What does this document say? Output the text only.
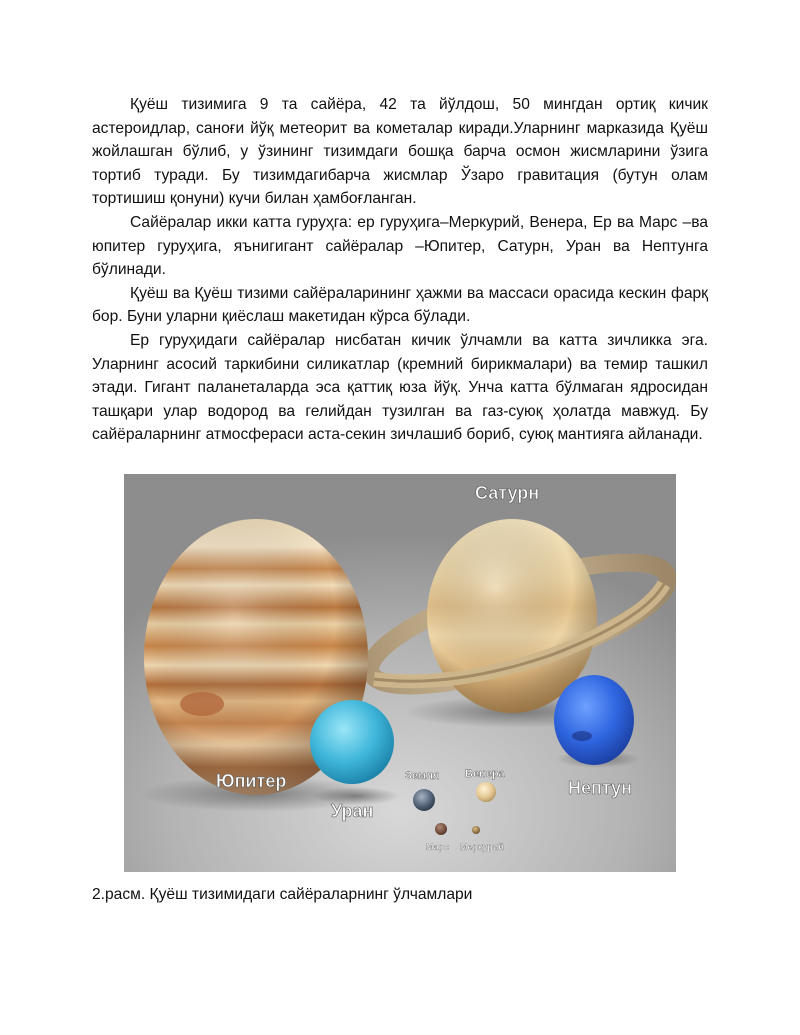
Қуёш тизимига 9 та сайёра, 42 та йўлдош, 50 мингдан ортиқ кичик астероидлар, саноғи йўқ метеорит ва кометалар киради.Уларнинг марказида Қуёш жойлашган бўлиб, у ўзининг тизимдаги бошқа барча осмон жисмларини ўзига тортиб туради. Бу тизимдагибарча жисмлар Ўзаро гравитация (бутун олам тортишиш қонуни) кучи билан ҳамбоғланган.

Сайёралар икки катта гуруҳга: ер гуруҳига–Меркурий, Венера, Ер ва Марс –ва юпитер гуруҳига, яънигигант сайёралар –Юпитер, Сатурн, Уран ва Нептунга бўлинади.

Қуёш ва Қуёш тизими сайёраларининг ҳажми ва массаси орасида кескин фарқ бор. Буни уларни қиёслаш макетидан кўрса бўлади.

Ер гуруҳидаги сайёралар нисбатан кичик ўлчамли ва катта зичликка эга. Уларнинг асосий таркибини силикатлар (кремний бирикмалари) ва темир ташкил этади. Гигант паланеталарда эса қаттиқ юза йўқ. Унча катта бўлмаган ядросидан ташқари улар водород ва гелийдан тузилган ва газ-суюқ ҳолатда мавжуд. Бу сайёраларнинг атмосфераси аста-секин зичлашиб бориб, суюқ мантияга айланади.

Сатурн
Юпитер
Уран
Нептун
Земля Венера
Марс Меркурий
2.расм. Қуёш тизимидаги сайёраларнинг ўлчамлари
